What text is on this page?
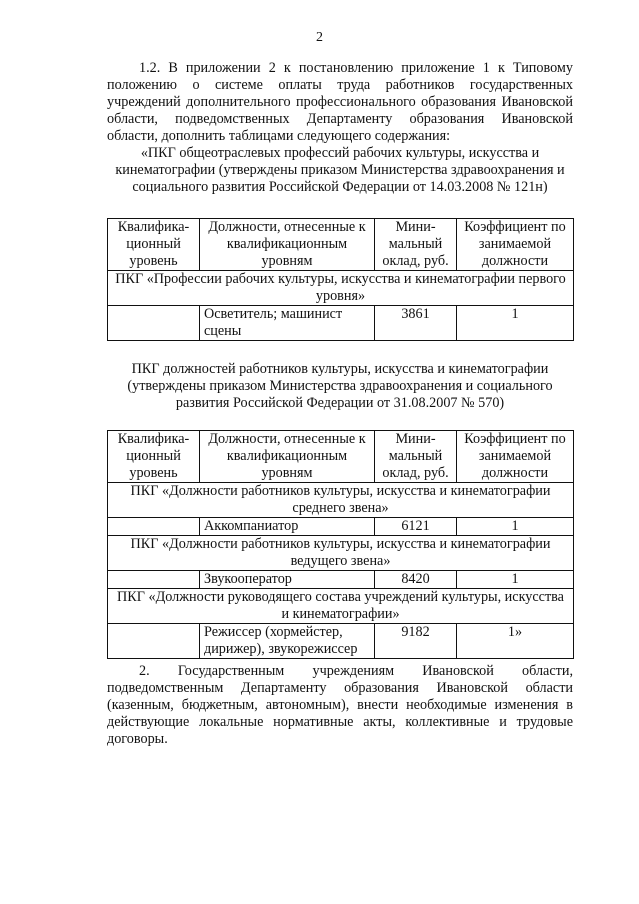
2

1.2. В приложении 2 к постановлению приложение 1 к Типовому положению о системе оплаты труда работников государственных учреждений дополнительного профессионального образования Ивановской области, подведомственных Департаменту образования Ивановской области, дополнить таблицами следующего содержания:

«ПКГ общеотраслевых профессий рабочих культуры, искусства и кинематографии (утверждены приказом Министерства здравоохранения и социального развития Российской Федерации от 14.03.2008 № 121н)

Квалифика-ционный уровень	Должности, отнесенные к квалификационным уровням	Мини-мальный оклад, руб.	Коэффициент по занимаемой должности
ПКГ «Профессии рабочих культуры, искусства и кинематографии первого уровня»			
	Осветитель; машинист сцены	3861	1

ПКГ должностей работников культуры, искусства и кинематографии (утверждены приказом Министерства здравоохранения и социального развития Российской Федерации от 31.08.2007 № 570)

Квалифика-ционный уровень	Должности, отнесенные к квалификационным уровням	Мини-мальный оклад, руб.	Коэффициент по занимаемой должности
ПКГ «Должности работников культуры, искусства и кинематографии среднего звена»			
	Аккомпаниатор	6121	1
ПКГ «Должности работников культуры, искусства и кинематографии ведущего звена»			
	Звукооператор	8420	1
ПКГ «Должности руководящего состава учреждений культуры, искусства и кинематографии»			
	Режиссер (хормейстер, дирижер), звукорежиссер	9182	1»

2. Государственным учреждениям Ивановской области, подведомственным Департаменту образования Ивановской области (казенным, бюджетным, автономным), внести необходимые изменения в действующие локальные нормативные акты, коллективные и трудовые договоры.
